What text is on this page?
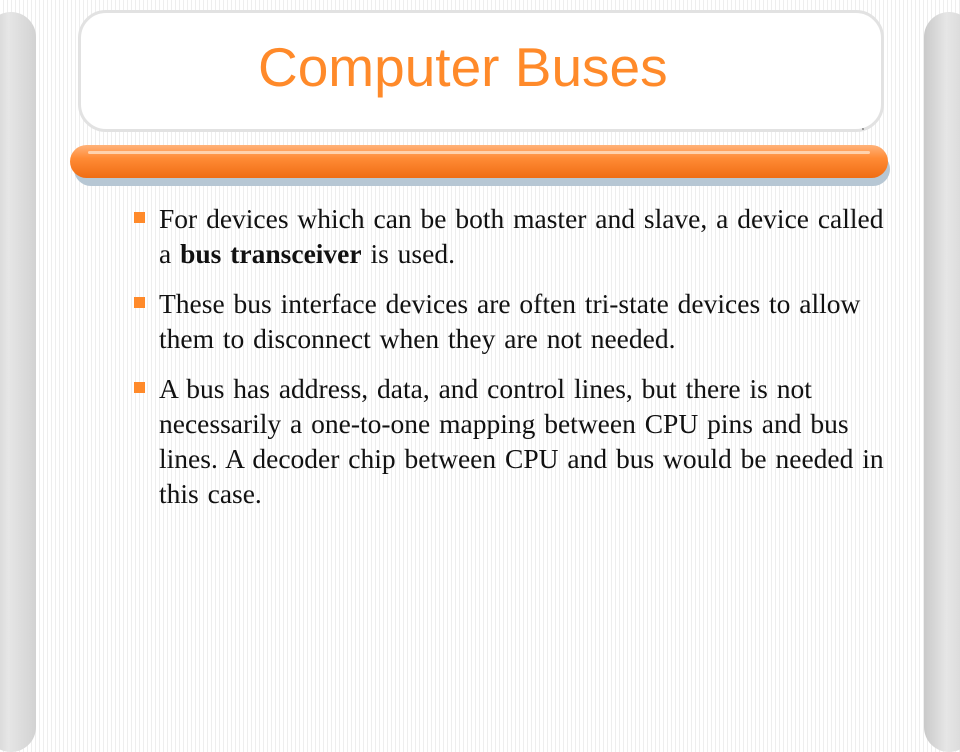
Computer Buses
For devices which can be both master and slave, a device called a bus transceiver is used.
These bus interface devices are often tri-state devices to allow them to disconnect when they are not needed.
A bus has address, data, and control lines, but there is not necessarily a one-to-one mapping between CPU pins and bus lines. A decoder chip between CPU and bus would be needed in this case.
